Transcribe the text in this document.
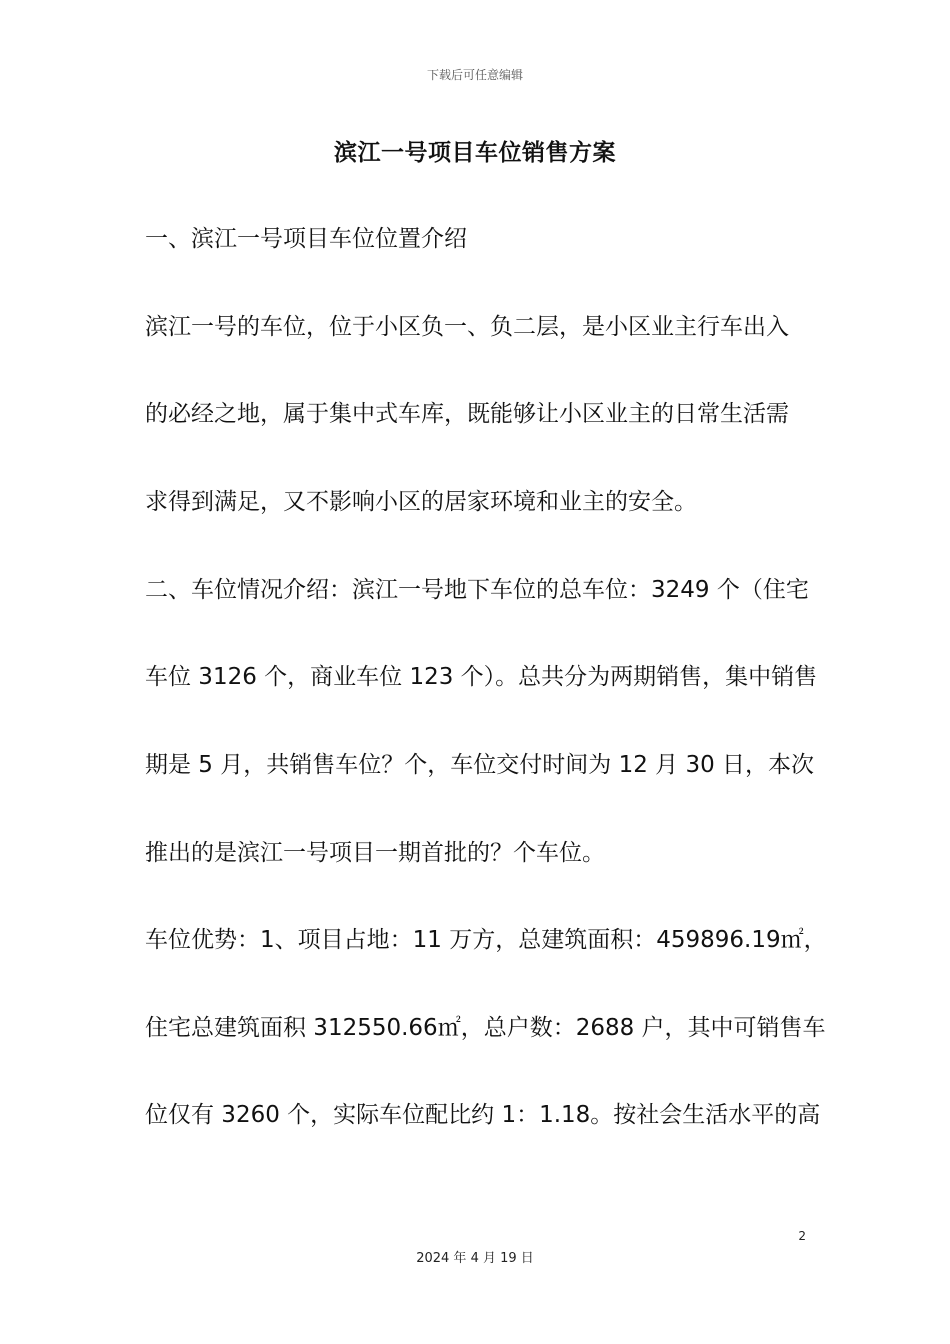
下载后可任意编辑
滨江一号项目车位销售方案
一、滨江一号项目车位位置介绍
滨江一号的车位，位于小区负一、负二层，是小区业主行车出入
的必经之地，属于集中式车库，既能够让小区业主的日常生活需
求得到满足，又不影响小区的居家环境和业主的安全。
二、车位情况介绍：滨江一号地下车位的总车位：3249 个（住宅
车位 3126 个，商业车位 123 个）。总共分为两期销售，集中销售
期是 5 月，共销售车位？个，车位交付时间为 12 月 30 日，本次
推出的是滨江一号项目一期首批的？个车位。
车位优势：1、项目占地：11 万方，总建筑面积：459896.19㎡，
住宅总建筑面积 312550.66㎡，总户数：2688 户，其中可销售车
位仅有 3260 个，实际车位配比约 1：1.18。按社会生活水平的高
2
2024 年 4 月 19 日
